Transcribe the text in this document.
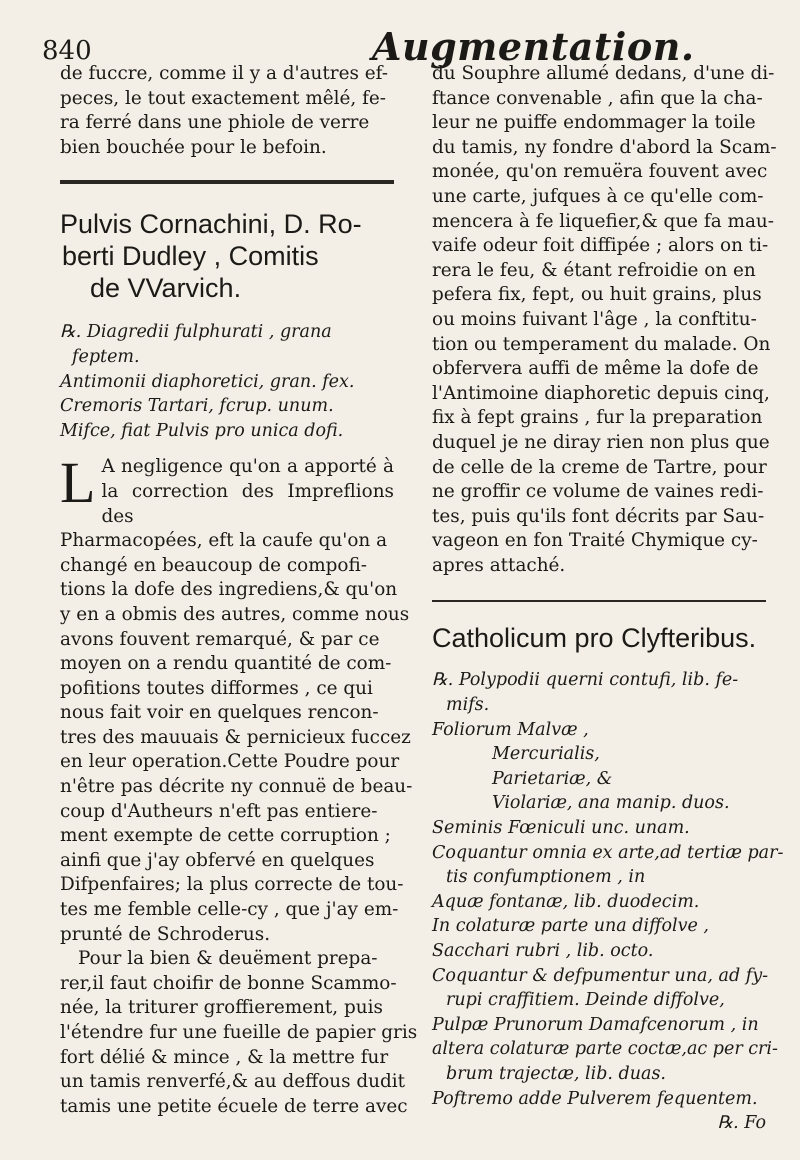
840	Augmentation.
de fuccre, comme il y a d'autres ef-
peces, le tout exactement mêlé, fe-
ra ferré dans une phiole de verre
bien bouchée pour le befoin.
Pulvis Cornachini, D. Ro-
berti Dudley , Comitis
de VVarvich.
℞. Diagredii fulphurati , grana
feptem.
Antimonii diaphoretici, gran. fex.
Cremoris Tartari, fcrup. unum.
Mifce, fiat Pulvis pro unica dofi.
L A negligence qu'on a apporté à la correction des Impreflions des
Pharmacopées, eft la caufe qu'on a
changé en beaucoup de compofi-
tions la dofe des ingrediens,& qu'on
y en a obmis des autres, comme nous
avons fouvent remarqué, & par ce
moyen on a rendu quantité de com-
pofitions toutes difformes , ce qui
nous fait voir en quelques rencon-
tres des mauuais & pernicieux fuccez
en leur operation.Cette Poudre pour
n'être pas décrite ny connuë de beau-
coup d'Autheurs n'eft pas entiere-
ment exempte de cette corruption ;
ainfi que j'ay obfervé en quelques
Difpenfaires; la plus correcte de tou-
tes me femble celle-cy , que j'ay em-
prunté de Schroderus.
Pour la bien & deuëment prepa-
rer,il faut choifir de bonne Scammo-
née, la triturer groffierement, puis
l'étendre fur une fueille de papier gris
fort délié & mince , & la mettre fur
un tamis renverfé,& au deffous dudit
tamis une petite écuele de terre avec
du Souphre allumé dedans, d'une di-
ftance convenable , afin que la cha-
leur ne puiffe endommager la toile
du tamis, ny fondre d'abord la Scam-
monée, qu'on remuëra fouvent avec
une carte, jufques à ce qu'elle com-
mencera à fe liquefier,& que fa mau-
vaife odeur foit diffipée ; alors on ti-
rera le feu, & étant refroidie on en
pefera fix, fept, ou huit grains, plus
ou moins fuivant l'âge , la conftitu-
tion ou temperament du malade. On
obfervera auffi de même la dofe de
l'Antimoine diaphoretic depuis cinq,
fix à fept grains , fur la preparation
duquel je ne diray rien non plus que
de celle de la creme de Tartre, pour
ne groffir ce volume de vaines redi-
tes, puis qu'ils font décrits par Sau-
vageon en fon Traité Chymique cy-
apres attaché.
Catholicum pro Clyfteribus.
℞. Polypodii querni contufi, lib. fe-
mifs.
Foliorum Malvæ ,
Mercurialis,
Parietariæ, &
Violariæ, ana manip. duos.
Seminis Fœniculi unc. unam.
Coquantur omnia ex arte,ad tertiæ par-
tis confumptionem , in
Aquæ fontanæ, lib. duodecim.
In colaturæ parte una diffolve ,
Sacchari rubri , lib. octo.
Coquantur & defpumentur una, ad fy-
rupi craffitiem. Deinde diffolve,
Pulpæ Prunorum Damafcenorum , in
altera colaturæ parte coctæ,ac per cri-
brum trajectæ, lib. duas.
Poftremo adde Pulverem fequentem.
℞. Fo
